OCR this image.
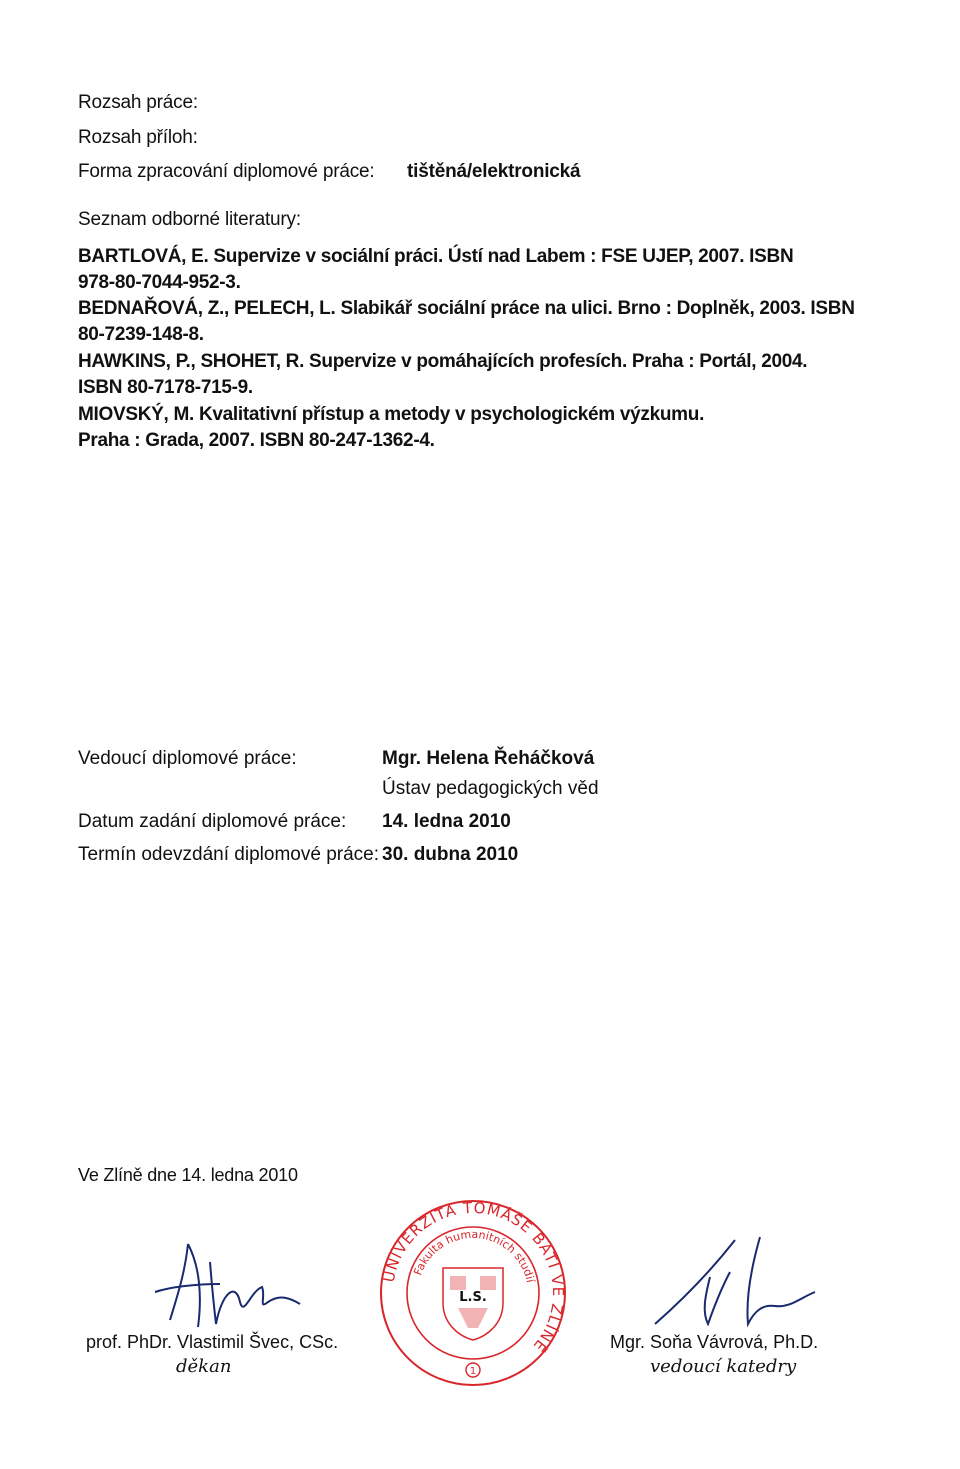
Rozsah práce:
Rozsah příloh:
Forma zpracování diplomové práce: tištěná/elektronická
Seznam odborné literatury:
BARTLOVÁ, E. Supervize v sociální práci. Ústí nad Labem : FSE UJEP, 2007. ISBN
978-80-7044-952-3.
BEDNAŘOVÁ, Z., PELECH, L. Slabikář sociální práce na ulici. Brno : Doplněk, 2003. ISBN
80-7239-148-8.
HAWKINS, P., SHOHET, R. Supervize v pomáhajících profesích. Praha : Portál, 2004.
ISBN 80-7178-715-9.
MIOVSKÝ, M. Kvalitativní přístup a metody v psychologickém výzkumu.
Praha : Grada, 2007. ISBN 80-247-1362-4.
Vedoucí diplomové práce:	Mgr. Helena Řeháčková
Ústav pedagogických věd
Datum zadání diplomové práce: 14. ledna 2010
Termín odevzdání diplomové práce: 30. dubna 2010
Ve Zlíně dne 14. ledna 2010
prof. PhDr. Vlastimil Švec, CSc.
děkan
UNIVERZITA TOMÁŠE BATI VE ZLÍNĚ
Fakulta humanitních studií
L.S.
1
Mgr. Soňa Vávrová, Ph.D.
vedoucí katedry
